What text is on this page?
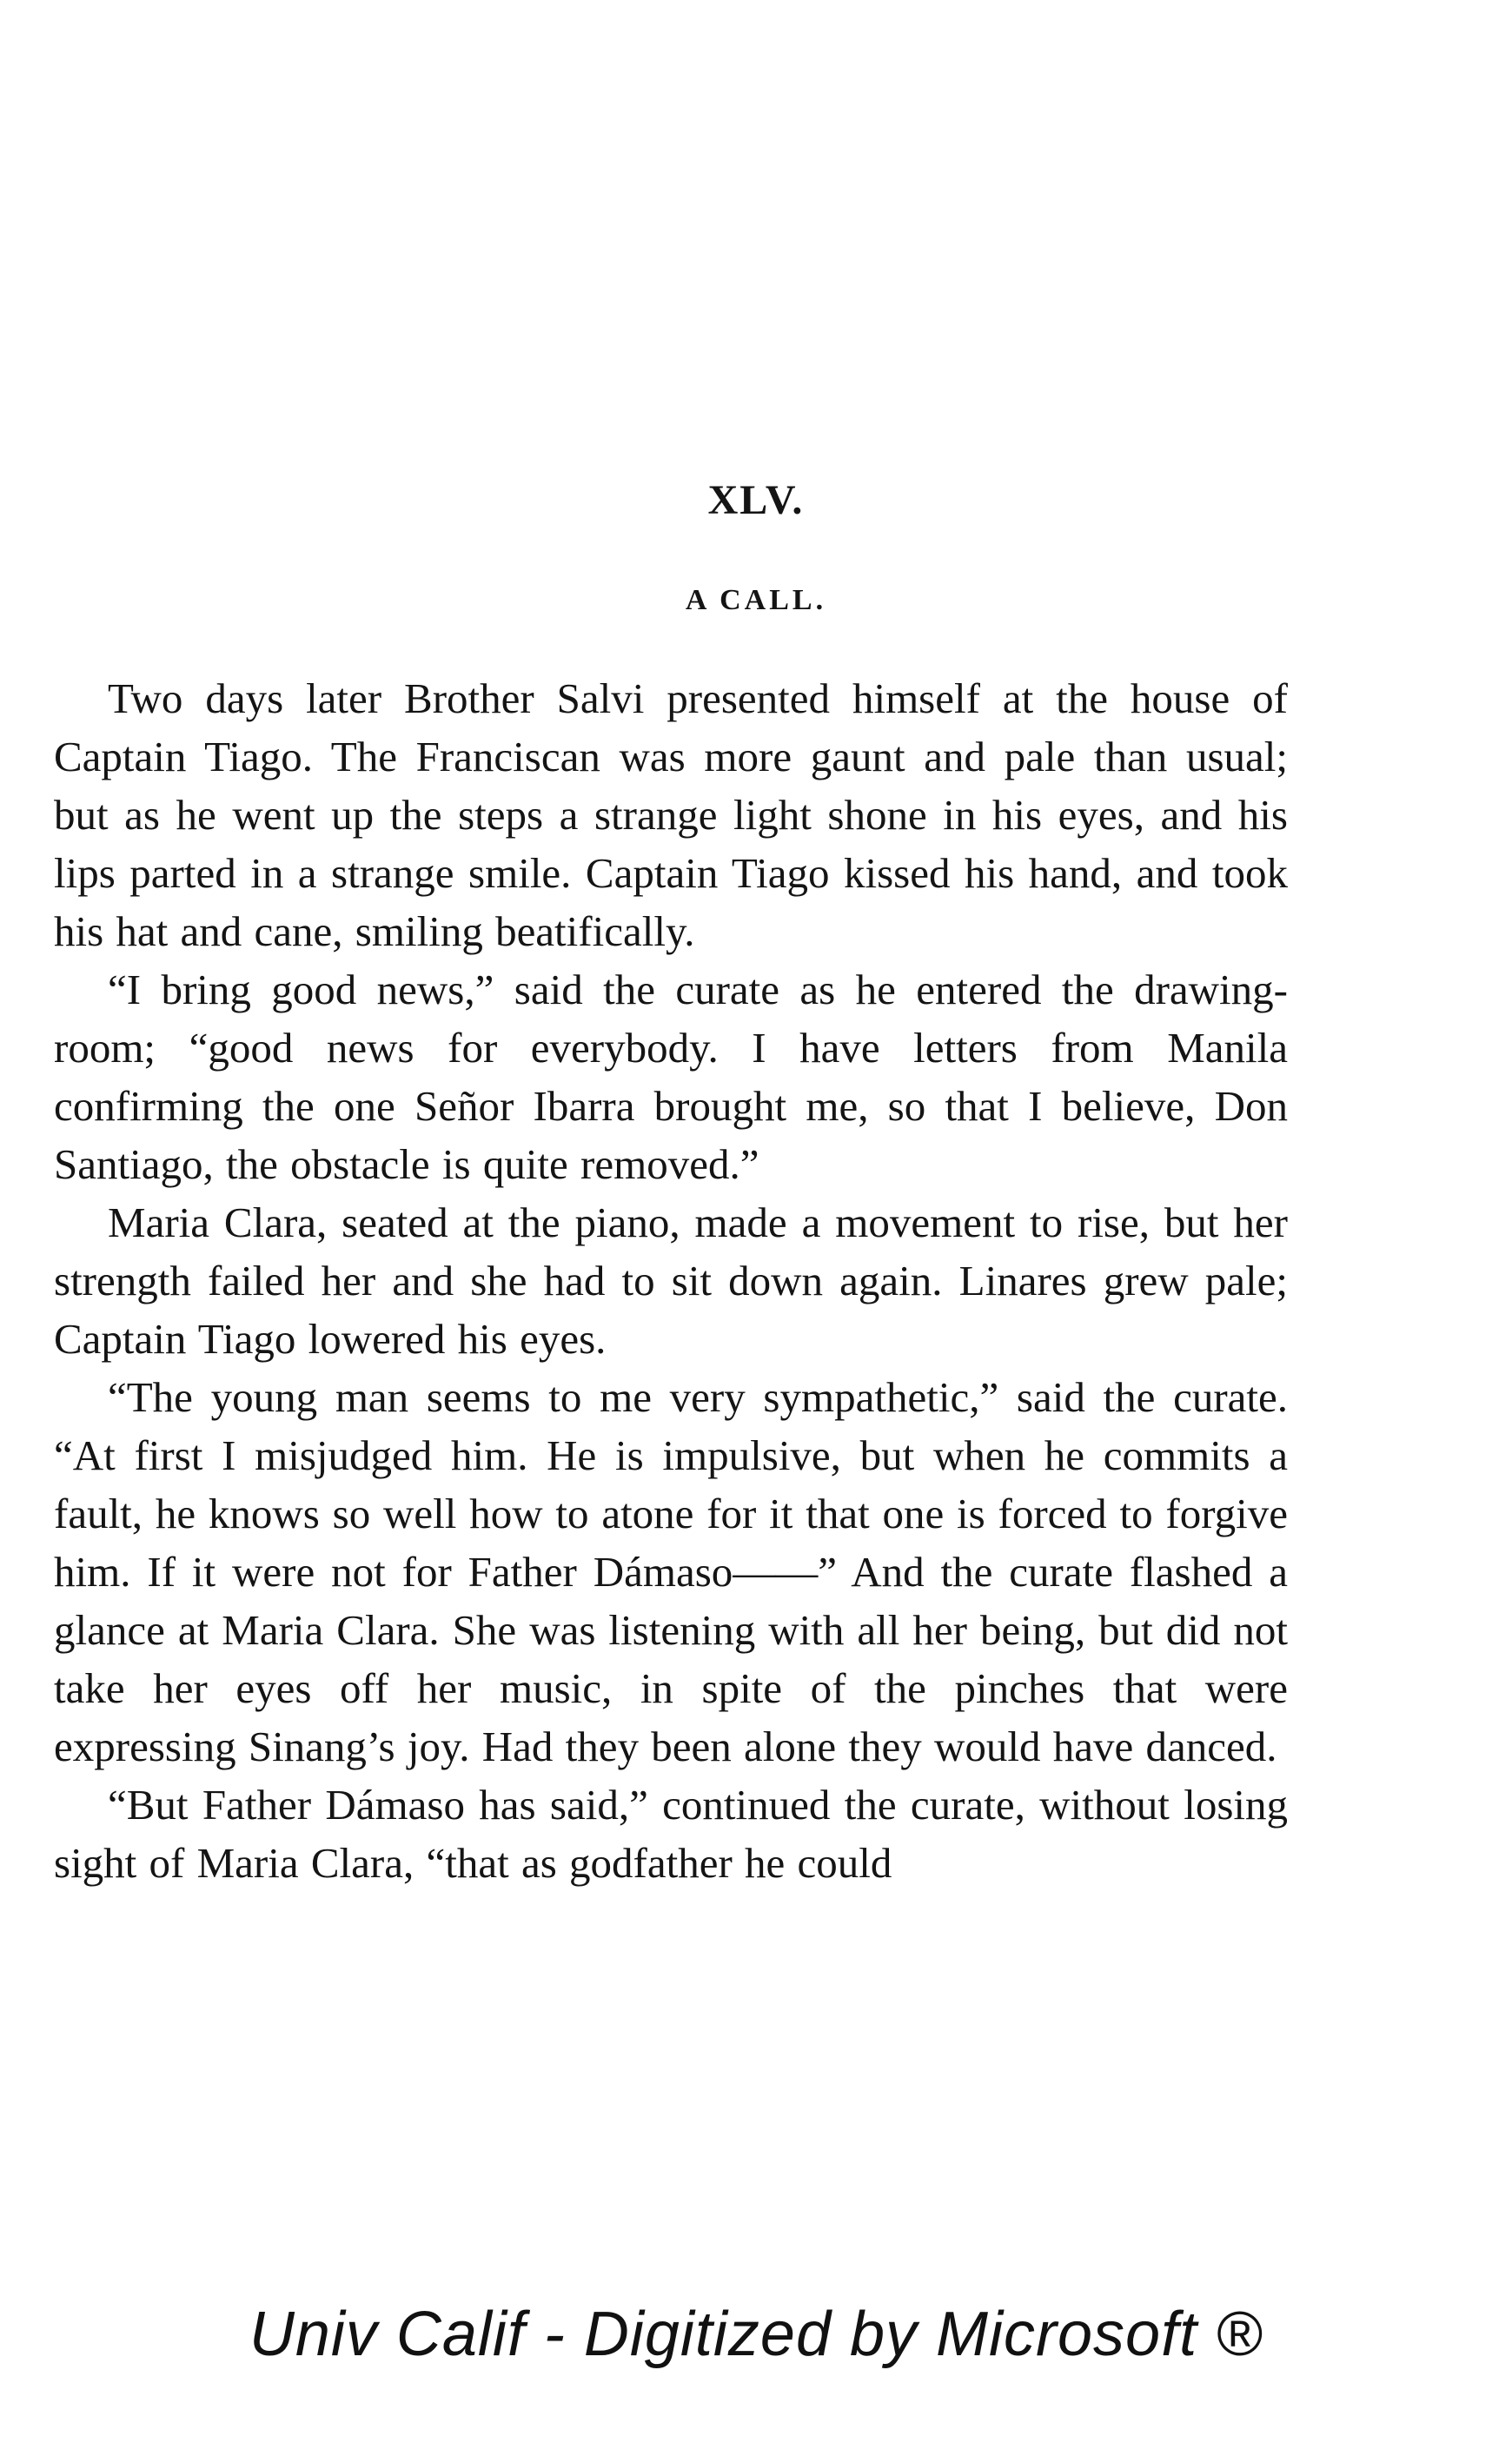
XLV.
A CALL.

Two days later Brother Salvi presented himself at the house of Captain Tiago. The Franciscan was more gaunt and pale than usual; but as he went up the steps a strange light shone in his eyes, and his lips parted in a strange smile. Captain Tiago kissed his hand, and took his hat and cane, smiling beatifically.

“I bring good news,” said the curate as he entered the drawing-room; “good news for everybody. I have letters from Manila confirming the one Señor Ibarra brought me, so that I believe, Don Santiago, the obstacle is quite removed.”

Maria Clara, seated at the piano, made a movement to rise, but her strength failed her and she had to sit down again. Linares grew pale; Captain Tiago lowered his eyes.

“The young man seems to me very sympathetic,” said the curate. “At first I misjudged him. He is impulsive, but when he commits a fault, he knows so well how to atone for it that one is forced to forgive him. If it were not for Father Dámaso——” And the curate flashed a glance at Maria Clara. She was listening with all her being, but did not take her eyes off her music, in spite of the pinches that were expressing Sinang’s joy. Had they been alone they would have danced.

“But Father Dámaso has said,” continued the curate, without losing sight of Maria Clara, “that as godfather he could

Univ Calif - Digitized by Microsoft ®
